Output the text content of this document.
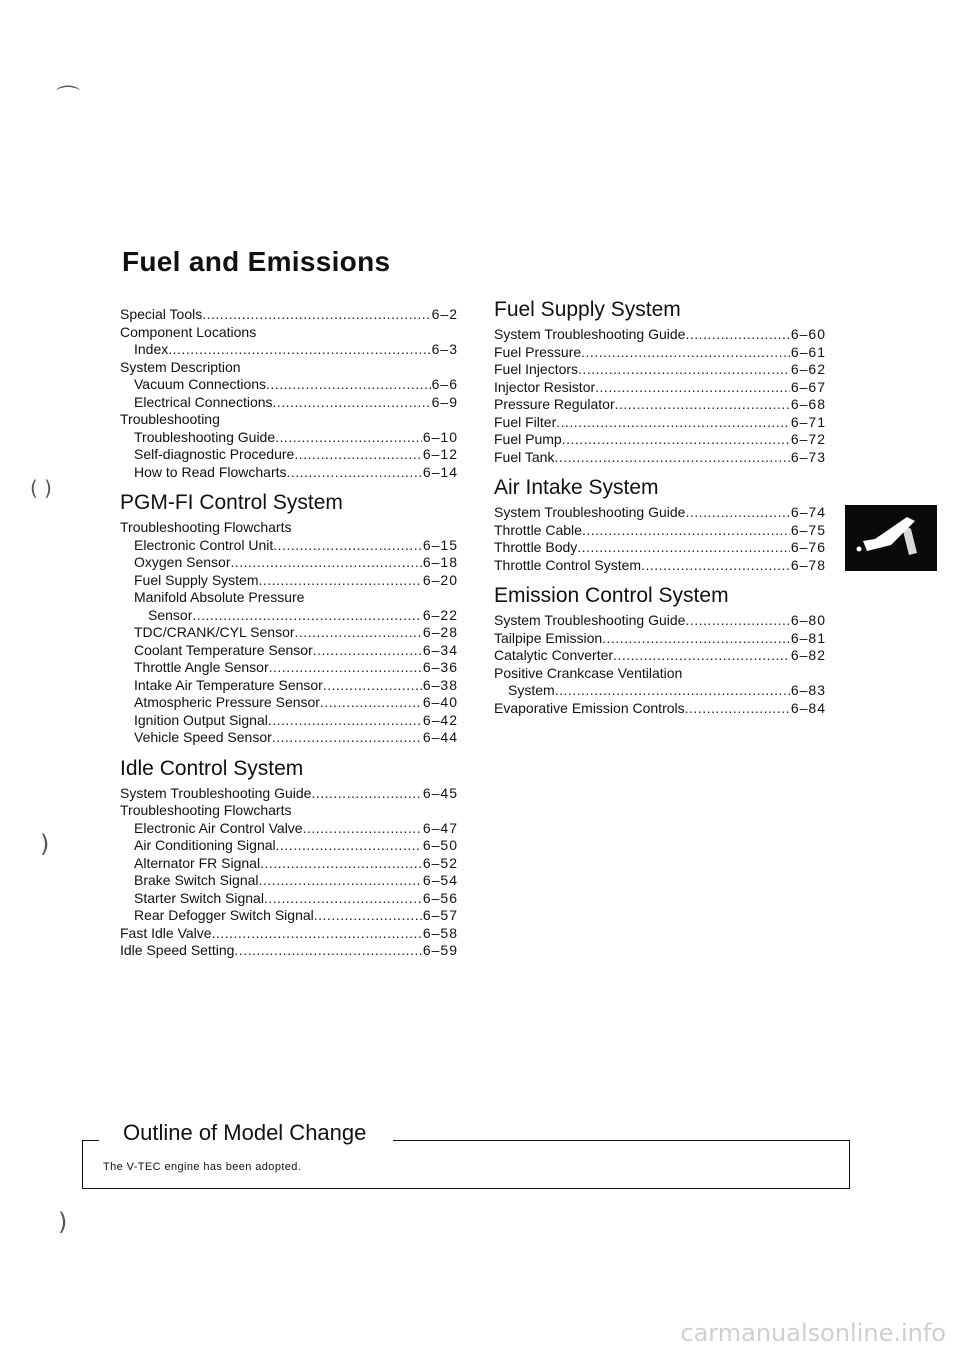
⌒
( )
)
)
Fuel and Emissions
Special Tools .....	6–2
Component Locations
Index .....	6–3
System Description
Vacuum Connections .....	6–6
Electrical Connections .....	6–9
Troubleshooting
Troubleshooting Guide .....	6–10
Self-diagnostic Procedure .....	6–12
How to Read Flowcharts .....	6–14
PGM-FI Control System
Troubleshooting Flowcharts
Electronic Control Unit .....	6–15
Oxygen Sensor .....	6–18
Fuel Supply System .....	6–20
Manifold Absolute Pressure
Sensor .....	6–22
TDC/CRANK/CYL Sensor .....	6–28
Coolant Temperature Sensor .....	6–34
Throttle Angle Sensor .....	6–36
Intake Air Temperature Sensor .....	6–38
Atmospheric Pressure Sensor .....	6–40
Ignition Output Signal .....	6–42
Vehicle Speed Sensor .....	6–44
Idle Control System
System Troubleshooting Guide .....	6–45
Troubleshooting Flowcharts
Electronic Air Control Valve .....	6–47
Air Conditioning Signal .....	6–50
Alternator FR Signal .....	6–52
Brake Switch Signal .....	6–54
Starter Switch Signal .....	6–56
Rear Defogger Switch Signal .....	6–57
Fast Idle Valve .....	6–58
Idle Speed Setting .....	6–59
Fuel Supply System
System Troubleshooting Guide .....	6–60
Fuel Pressure .....	6–61
Fuel Injectors .....	6–62
Injector Resistor .....	6–67
Pressure Regulator .....	6–68
Fuel Filter .....	6–71
Fuel Pump .....	6–72
Fuel Tank .....	6–73
Air Intake System
System Troubleshooting Guide .....	6–74
Throttle Cable .....	6–75
Throttle Body .....	6–76
Throttle Control System .....	6–78
Emission Control System
System Troubleshooting Guide .....	6–80
Tailpipe Emission .....	6–81
Catalytic Converter .....	6–82
Positive Crankcase Ventilation
System .....	6–83
Evaporative Emission Controls .....	6–84
Outline of Model Change
The V-TEC engine has been adopted.
carmanualsonline.info
